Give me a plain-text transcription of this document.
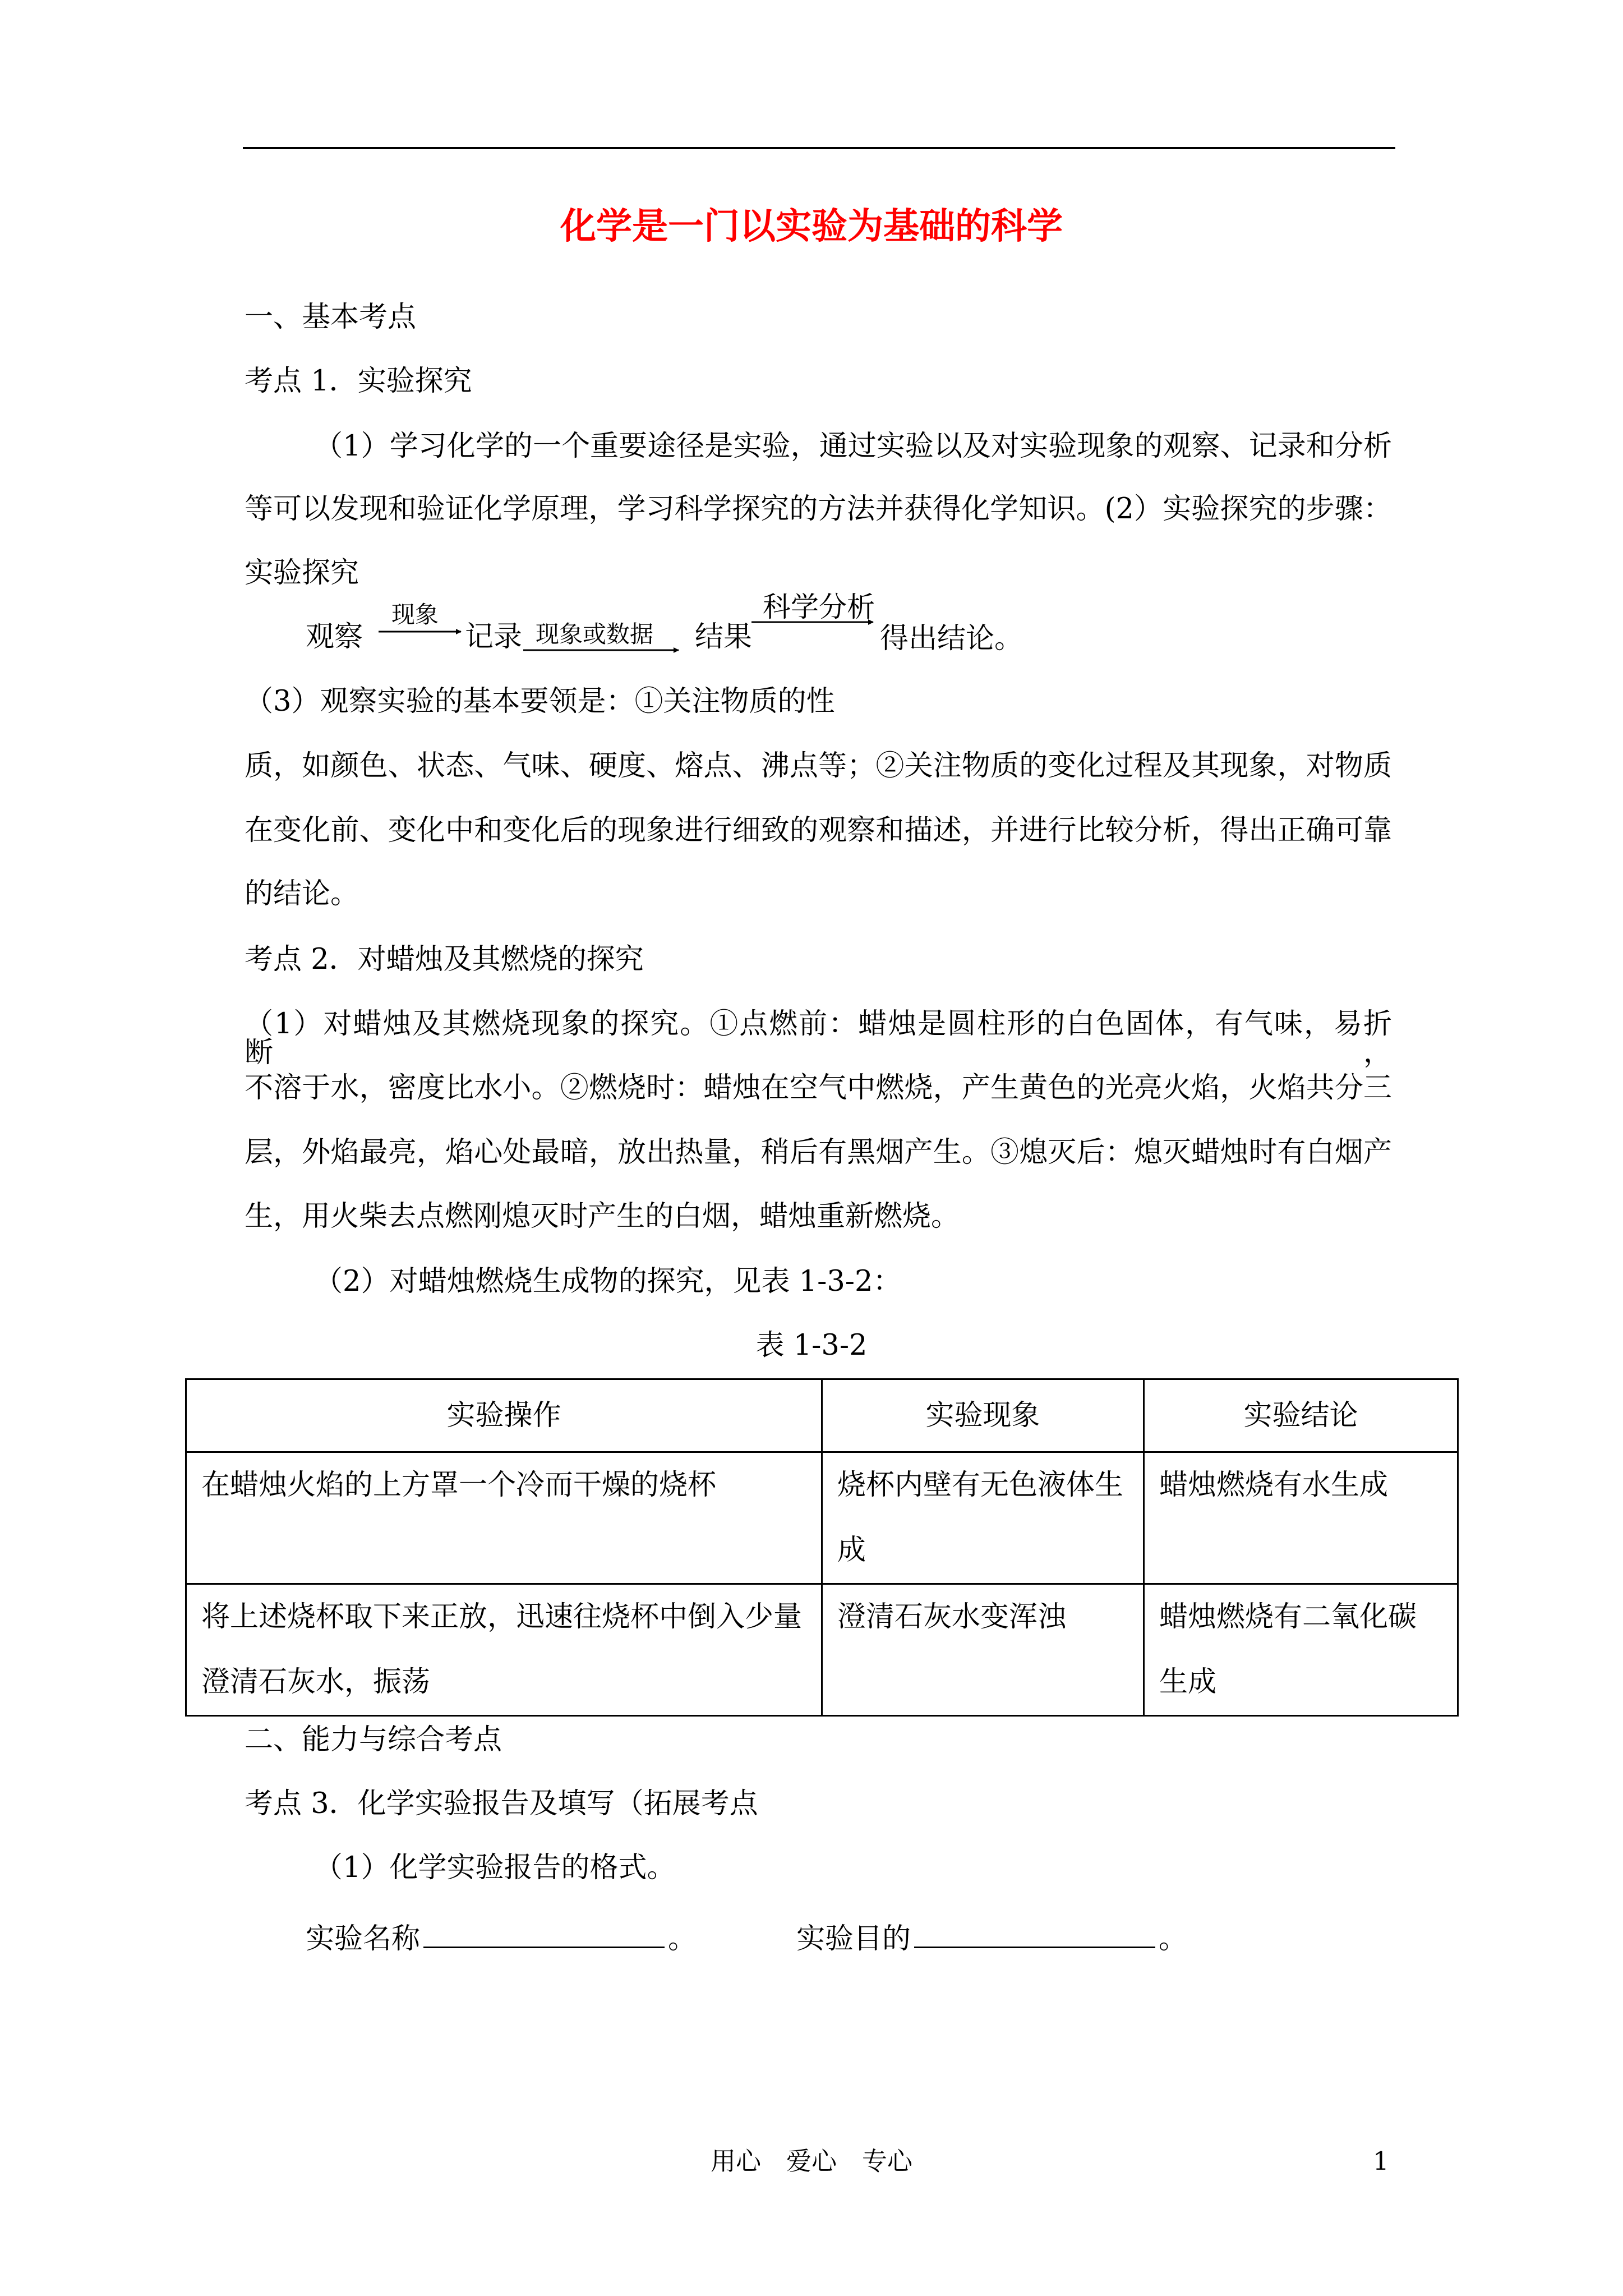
化学是一门以实验为基础的科学
一、基本考点
考点 1．实验探究
（1）学习化学的一个重要途径是实验，通过实验以及对实验现象的观察、记录和分析
等可以发现和验证化学原理，学习科学探究的方法并获得化学知识。(2）实验探究的步骤：
实验探究
观察
现象
记录 现象或数据 结果
科学分析
得出结论。
（3）观察实验的基本要领是：①关注物质的性
质，如颜色、状态、气味、硬度、熔点、沸点等；②关注物质的变化过程及其现象，对物质
在变化前、变化中和变化后的现象进行细致的观察和描述，并进行比较分析，得出正确可靠
的结论。
考点 2．对蜡烛及其燃烧的探究
（1）对蜡烛及其燃烧现象的探究。①点燃前：蜡烛是圆柱形的白色固体，有气味，易折断，
不溶于水，密度比水小。②燃烧时：蜡烛在空气中燃烧，产生黄色的光亮火焰，火焰共分三
层，外焰最亮，焰心处最暗，放出热量，稍后有黑烟产生。③熄灭后：熄灭蜡烛时有白烟产
生，用火柴去点燃刚熄灭时产生的白烟，蜡烛重新燃烧。
（2）对蜡烛燃烧生成物的探究，见表 1-3-2：
表 1-3-2
实验操作	实验现象	实验结论
在蜡烛火焰的上方罩一个冷而干燥的烧杯	烧杯内壁有无色液体生成	蜡烛燃烧有水生成
将上述烧杯取下来正放，迅速往烧杯中倒入少量澄清石灰水，振荡	澄清石灰水变浑浊	蜡烛燃烧有二氧化碳生成
二、能力与综合考点
考点 3．化学实验报告及填写（拓展考点
（1）化学实验报告的格式。
实验名称	。	实验目的	。
用心　爱心　专心	1
